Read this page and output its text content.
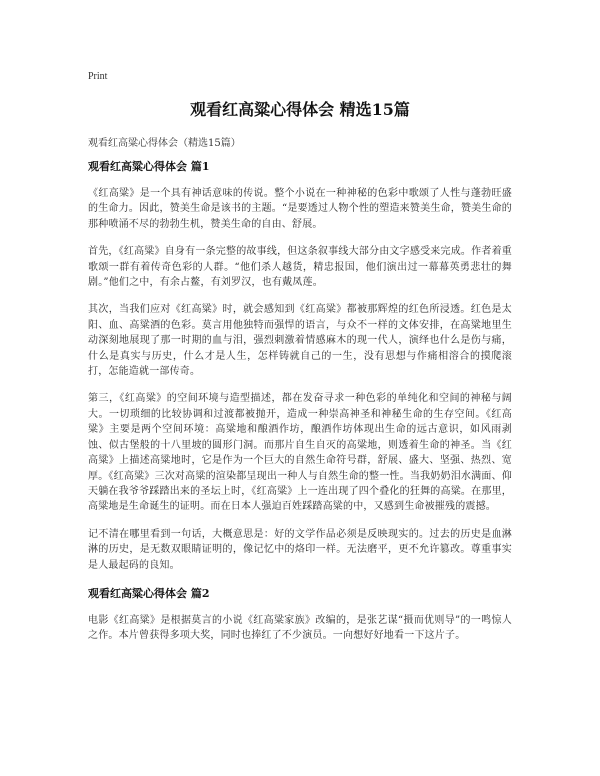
Print
观看红高粱心得体会 精选15篇

观看红高粱心得体会（精选15篇）

观看红高粱心得体会 篇1

《红高粱》是一个具有神话意味的传说。整个小说在一种神秘的色彩中歌颂了人性与蓬勃旺盛的生命力。因此，赞美生命是该书的主题。“是要透过人物个性的塑造来赞美生命，赞美生命的那种喷涌不尽的勃勃生机，赞美生命的自由、舒展。

首先，《红高粱》自身有一条完整的故事线，但这条叙事线大部分由文字感受来完成。作者着重歌颂一群有着传奇色彩的人群。“他们杀人越货，精忠报国，他们演出过一幕幕英勇悲壮的舞剧。”他们之中，有余占鳌，有刘罗汉，也有戴凤莲。

其次，当我们应对《红高粱》时，就会感知到《红高粱》都被那辉煌的红色所浸透。红色是太阳、血、高粱酒的色彩。莫言用他独特而强悍的语言，与众不一样的文体安排，在高粱地里生动深刻地展现了那一时期的血与泪，强烈刺激着情感麻木的现一代人，演绎也什么是伤与痛，什么是真实与历史，什么才是人生，怎样铸就自己的一生，没有思想与作痛相溶合的摸爬滚打，怎能造就一部传奇。

第三，《红高粱》的空间环境与造型描述，都在发奋寻求一种色彩的单纯化和空间的神秘与阔大。一切琐细的比较协调和过渡都被抛开，造成一种崇高神圣和神秘生命的生存空间。《红高粱》主要是两个空间环境：高粱地和酿酒作坊，酿酒作坊体现出生命的远古意识，如风雨剥蚀、似古堡般的十八里坡的圆形门洞。而那片自生自灭的高粱地，则透着生命的神圣。当《红高粱》上描述高粱地时，它是作为一个巨大的自然生命符号群，舒展、盛大、坚强、热烈、宽厚。《红高粱》三次对高粱的渲染都呈现出一种人与自然生命的整一性。当我奶奶泪水满面、仰天躺在我爷爷踩踏出来的圣坛上时，《红高粱》上一连出现了四个叠化的狂舞的高粱。在那里，高粱地是生命诞生的证明。而在日本人强迫百姓踩踏高粱的中，又感到生命被摧残的震撼。

记不清在哪里看到一句话，大概意思是：好的文学作品必须是反映现实的。过去的历史是血淋淋的历史，是无数双眼睛证明的，像记忆中的烙印一样。无法磨平，更不允许篡改。尊重事实是人最起码的良知。

观看红高粱心得体会 篇2

电影《红高粱》是根据莫言的小说《红高粱家族》改编的，是张艺谋“摄而优则导”的一鸣惊人之作。本片曾获得多项大奖，同时也捧红了不少演员。一向想好好地看一下这片子。
